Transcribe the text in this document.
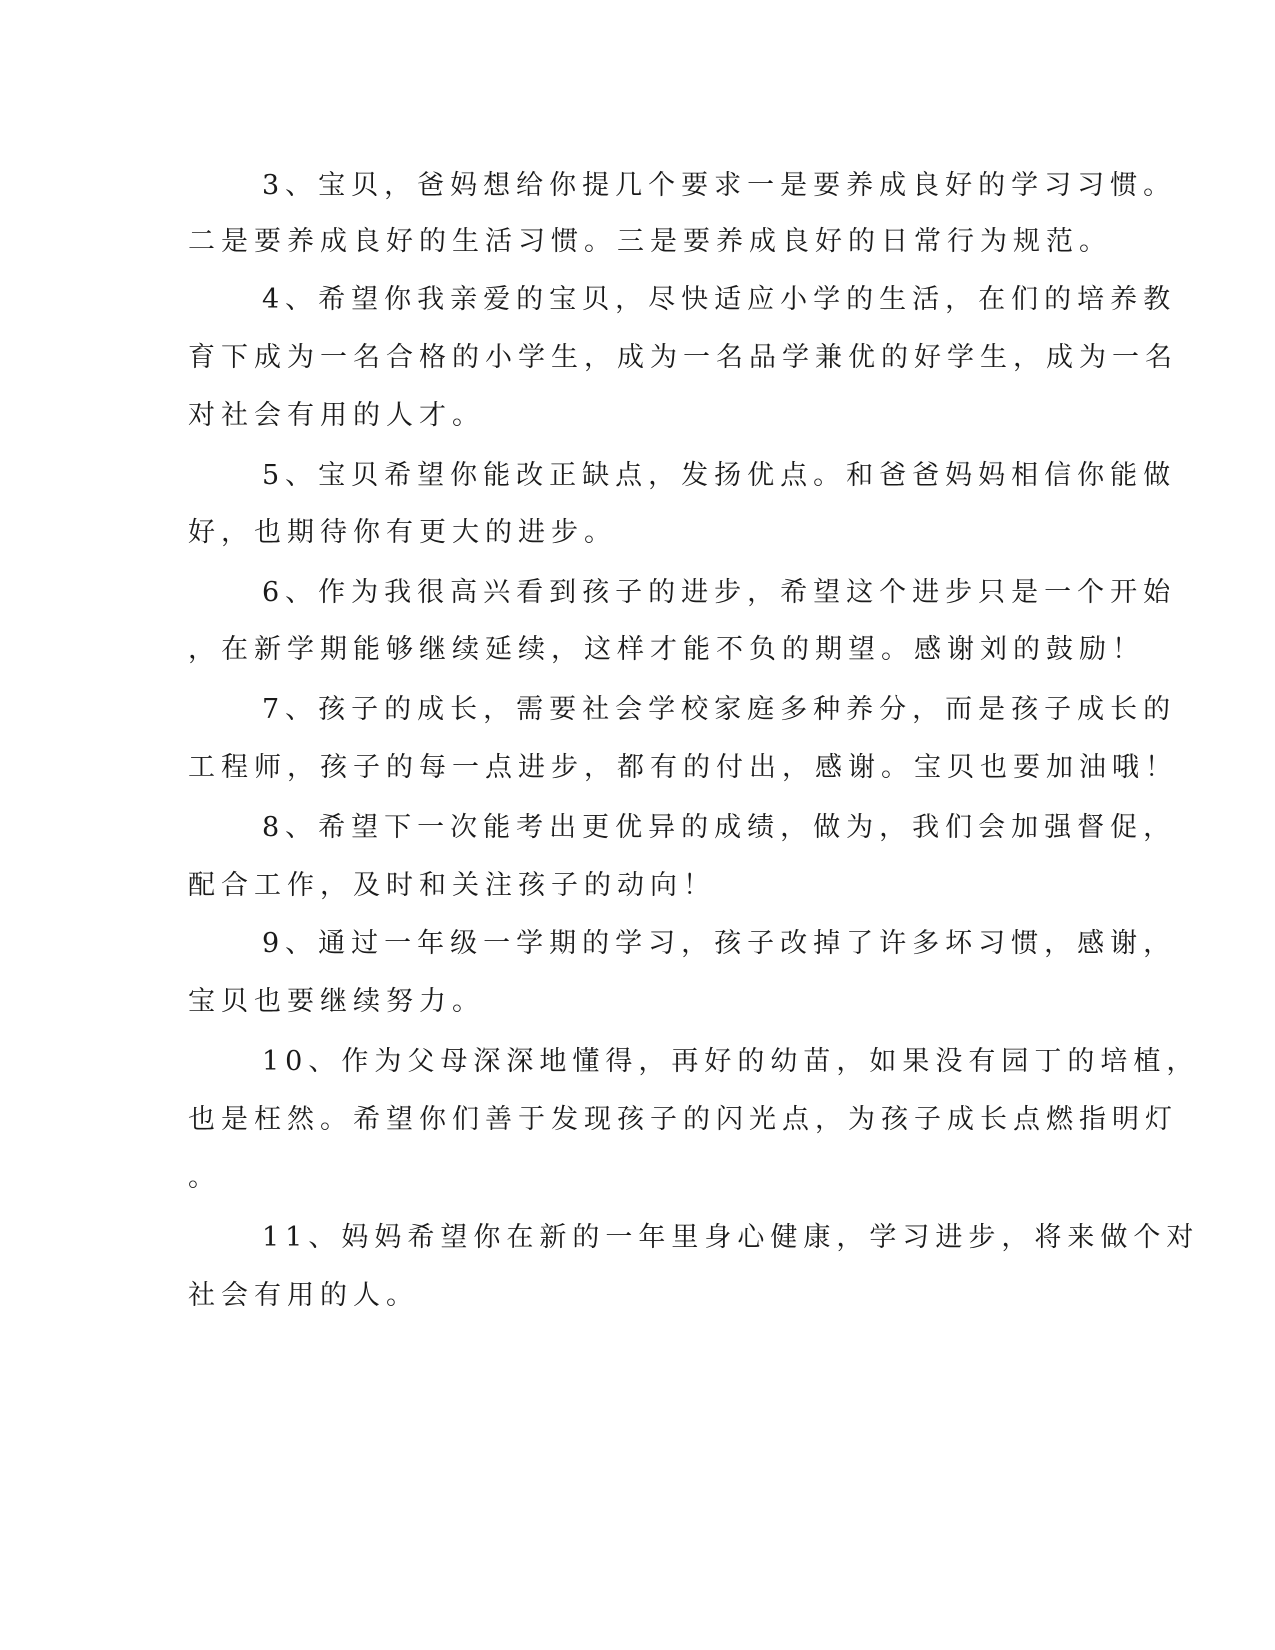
3、宝贝，爸妈想给你提几个要求一是要养成良好的学习习惯。

二是要养成良好的生活习惯。三是要养成良好的日常行为规范。

4、希望你我亲爱的宝贝，尽快适应小学的生活，在们的培养教

育下成为一名合格的小学生，成为一名品学兼优的好学生，成为一名

对社会有用的人才。

5、宝贝希望你能改正缺点，发扬优点。和爸爸妈妈相信你能做

好，也期待你有更大的进步。

6、作为我很高兴看到孩子的进步，希望这个进步只是一个开始

，在新学期能够继续延续，这样才能不负的期望。感谢刘的鼓励！

7、孩子的成长，需要社会学校家庭多种养分，而是孩子成长的

工程师，孩子的每一点进步，都有的付出，感谢。宝贝也要加油哦！

8、希望下一次能考出更优异的成绩，做为，我们会加强督促，

配合工作，及时和关注孩子的动向！

9、通过一年级一学期的学习，孩子改掉了许多坏习惯，感谢，

宝贝也要继续努力。

10、作为父母深深地懂得，再好的幼苗，如果没有园丁的培植，

也是枉然。希望你们善于发现孩子的闪光点，为孩子成长点燃指明灯

。

11、妈妈希望你在新的一年里身心健康，学习进步，将来做个对

社会有用的人。
